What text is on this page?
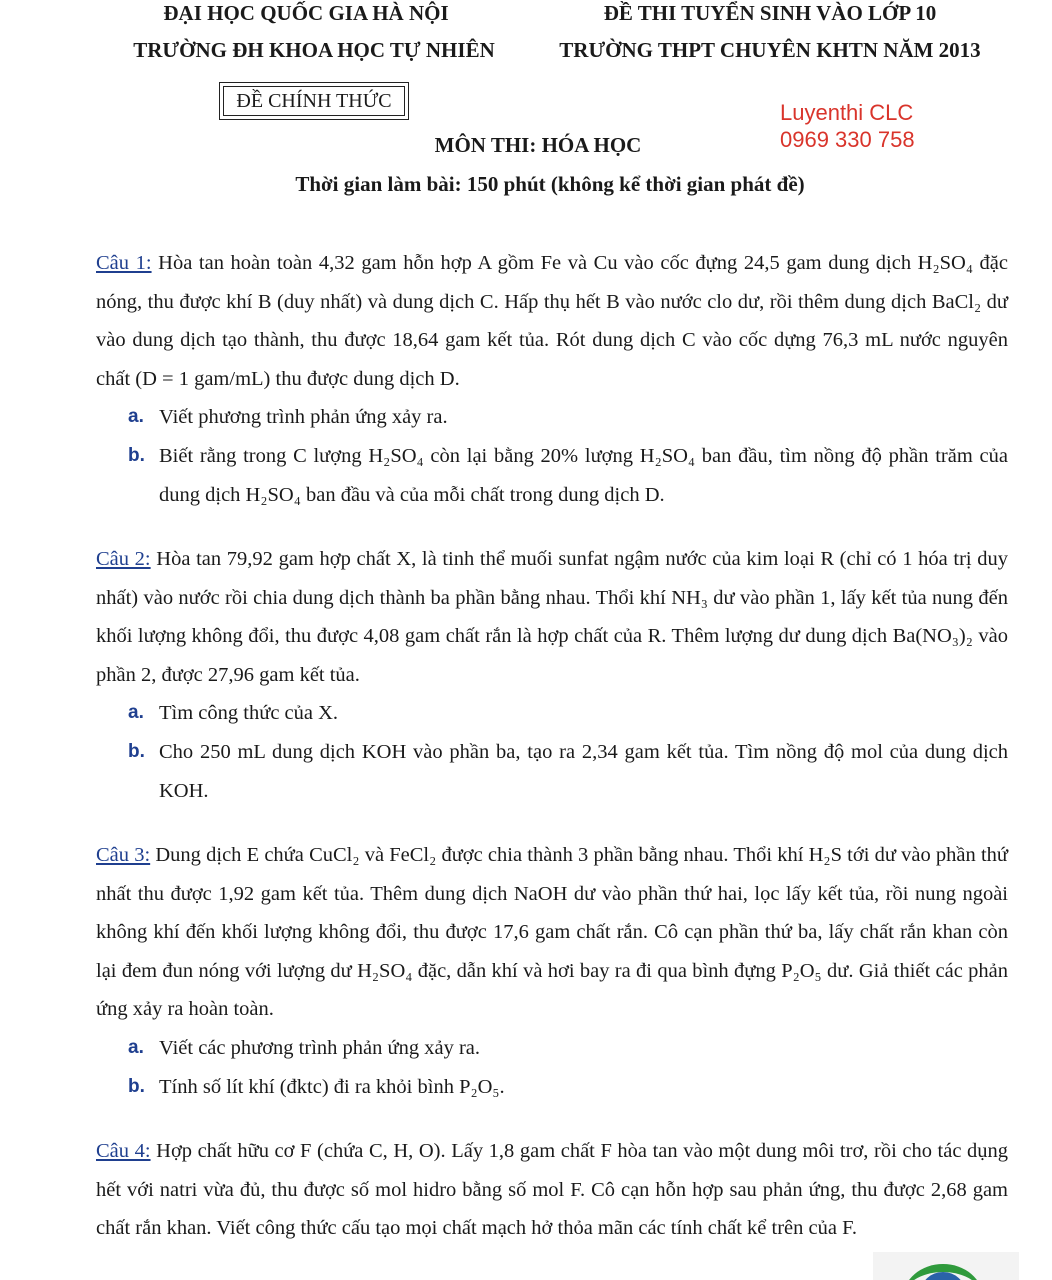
ĐẠI HỌC QUỐC GIA HÀ NỘI
TRƯỜNG ĐH KHOA HỌC TỰ NHIÊN
ĐỀ THI TUYỂN SINH VÀO LỚP 10
TRƯỜNG THPT CHUYÊN KHTN NĂM 2013
ĐỀ CHÍNH THỨC	Luyenthi CLC
0969 330 758
MÔN THI: HÓA HỌC
Thời gian làm bài: 150 phút (không kể thời gian phát đề)
Câu 1: Hòa tan hoàn toàn 4,32 gam hỗn hợp A gồm Fe và Cu vào cốc đựng 24,5 gam dung dịch H₂SO₄ đặc nóng, thu được khí B (duy nhất) và dung dịch C. Hấp thụ hết B vào nước clo dư, rồi thêm dung dịch BaCl₂ dư vào dung dịch tạo thành, thu được 18,64 gam kết tủa. Rót dung dịch C vào cốc dựng 76,3 mL nước nguyên chất (D = 1 gam/mL) thu được dung dịch D.
a. Viết phương trình phản ứng xảy ra.
b. Biết rằng trong C lượng H₂SO₄ còn lại bằng 20% lượng H₂SO₄ ban đầu, tìm nồng độ phần trăm của dung dịch H₂SO₄ ban đầu và của mỗi chất trong dung dịch D.
Câu 2: Hòa tan 79,92 gam hợp chất X, là tinh thể muối sunfat ngậm nước của kim loại R (chỉ có 1 hóa trị duy nhất) vào nước rồi chia dung dịch thành ba phần bằng nhau. Thổi khí NH₃ dư vào phần 1, lấy kết tủa nung đến khối lượng không đổi, thu được 4,08 gam chất rắn là hợp chất của R. Thêm lượng dư dung dịch Ba(NO₃)₂ vào phần 2, được 27,96 gam kết tủa.
a. Tìm công thức của X.
b. Cho 250 mL dung dịch KOH vào phần ba, tạo ra 2,34 gam kết tủa. Tìm nồng độ mol của dung dịch KOH.
Câu 3: Dung dịch E chứa CuCl₂ và FeCl₂ được chia thành 3 phần bằng nhau. Thổi khí H₂S tới dư vào phần thứ nhất thu được 1,92 gam kết tủa. Thêm dung dịch NaOH dư vào phần thứ hai, lọc lấy kết tủa, rồi nung ngoài không khí đến khối lượng không đổi, thu được 17,6 gam chất rắn. Cô cạn phần thứ ba, lấy chất rắn khan còn lại đem đun nóng với lượng dư H₂SO₄ đặc, dẫn khí và hơi bay ra đi qua bình đựng P₂O₅ dư. Giả thiết các phản ứng xảy ra hoàn toàn.
a. Viết các phương trình phản ứng xảy ra.
b. Tính số lít khí (đktc) đi ra khỏi bình P₂O₅.
Câu 4: Hợp chất hữu cơ F (chứa C, H, O). Lấy 1,8 gam chất F hòa tan vào một dung môi trơ, rồi cho tác dụng hết với natri vừa đủ, thu được số mol hidro bằng số mol F. Cô cạn hỗn hợp sau phản ứng, thu được 2,68 gam chất rắn khan. Viết công thức cấu tạo mọi chất mạch hở thỏa mãn các tính chất kể trên của F.
